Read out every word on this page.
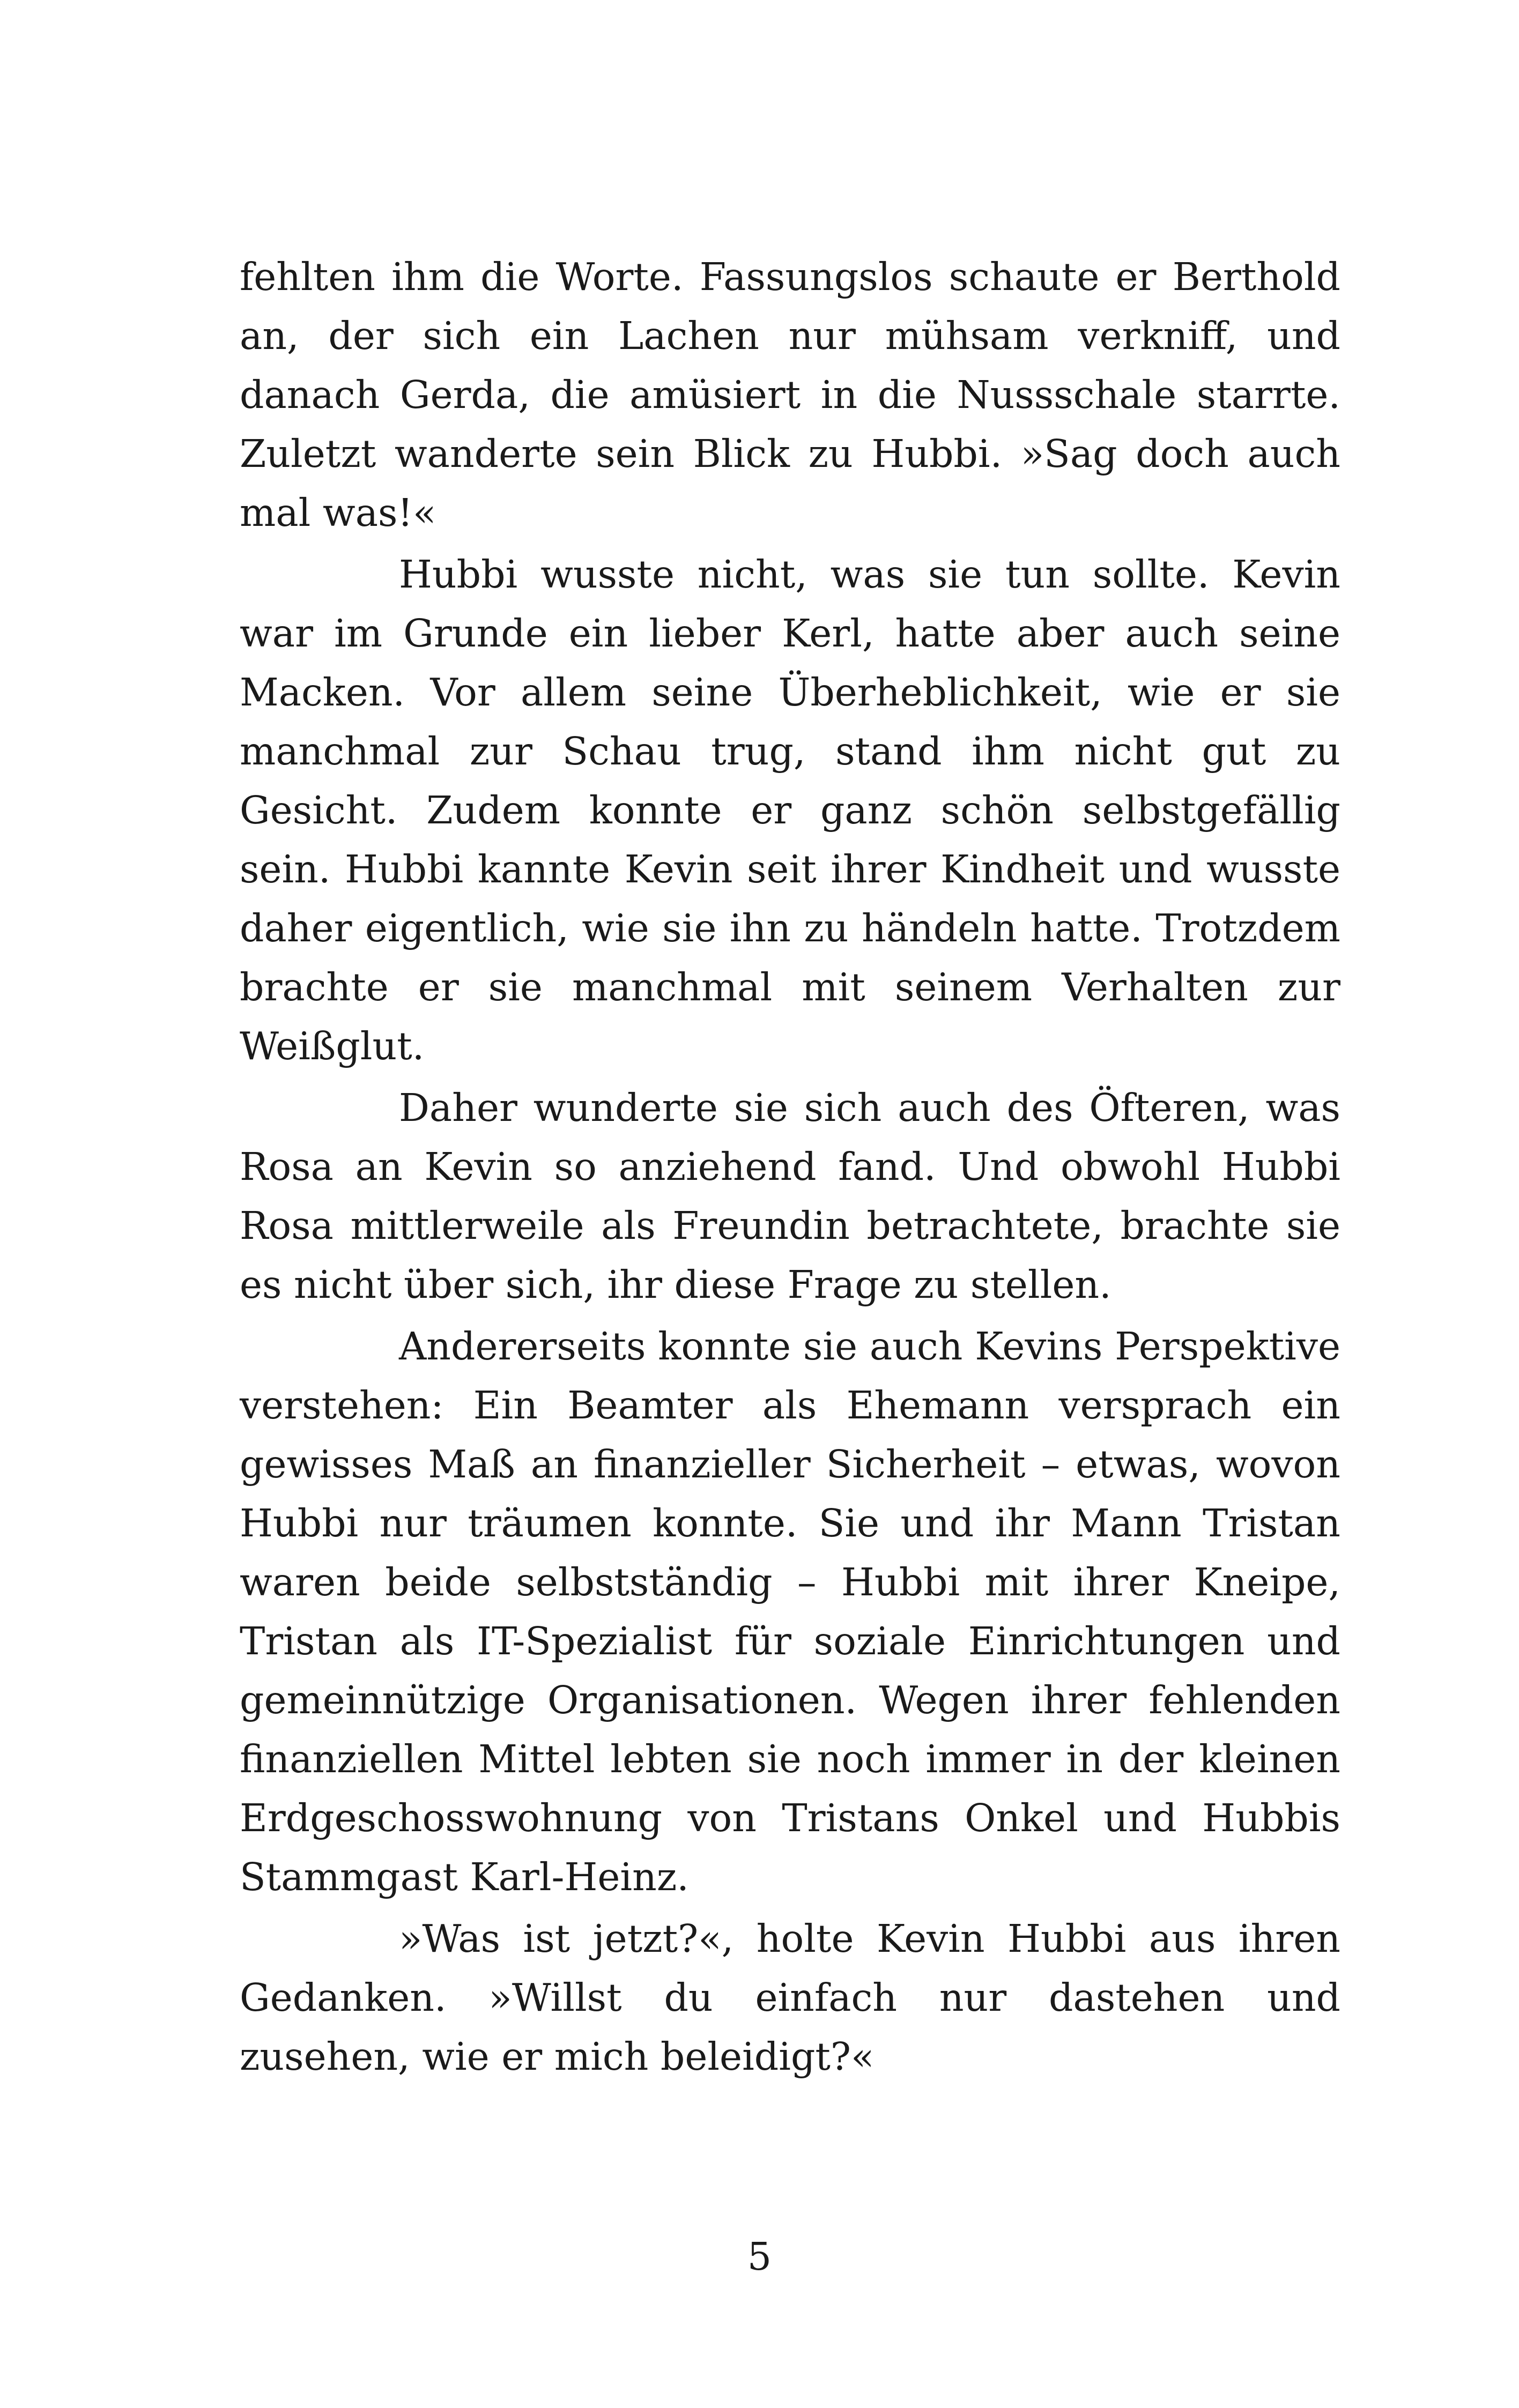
fehlten ihm die Worte. Fassungslos schaute er Berthold an, der sich ein Lachen nur mühsam verkniff, und danach Gerda, die amüsiert in die Nussschale starrte. Zuletzt wanderte sein Blick zu Hubbi. »Sag doch auch mal was!«

Hubbi wusste nicht, was sie tun sollte. Kevin war im Grunde ein lieber Kerl, hatte aber auch seine Macken. Vor allem seine Überheblichkeit, wie er sie manchmal zur Schau trug, stand ihm nicht gut zu Gesicht. Zudem konnte er ganz schön selbstgefällig sein. Hubbi kannte Kevin seit ihrer Kindheit und wusste daher eigentlich, wie sie ihn zu händeln hatte. Trotzdem brachte er sie manchmal mit seinem Verhalten zur Weißglut.

Daher wunderte sie sich auch des Öfteren, was Rosa an Kevin so anziehend fand. Und obwohl Hubbi Rosa mittlerweile als Freundin betrachtete, brachte sie es nicht über sich, ihr diese Frage zu stellen.

Andererseits konnte sie auch Kevins Perspektive verstehen: Ein Beamter als Ehemann versprach ein gewisses Maß an finanzieller Sicherheit – etwas, wovon Hubbi nur träumen konnte. Sie und ihr Mann Tristan waren beide selbstständig – Hubbi mit ihrer Kneipe, Tristan als IT-Spezialist für soziale Einrichtungen und gemeinnützige Organisationen. Wegen ihrer fehlenden finanziellen Mittel lebten sie noch immer in der kleinen Erdgeschosswohnung von Tristans Onkel und Hubbis Stammgast Karl-Heinz.

»Was ist jetzt?«, holte Kevin Hubbi aus ihren Gedanken. »Willst du einfach nur dastehen und zusehen, wie er mich beleidigt?«

5
